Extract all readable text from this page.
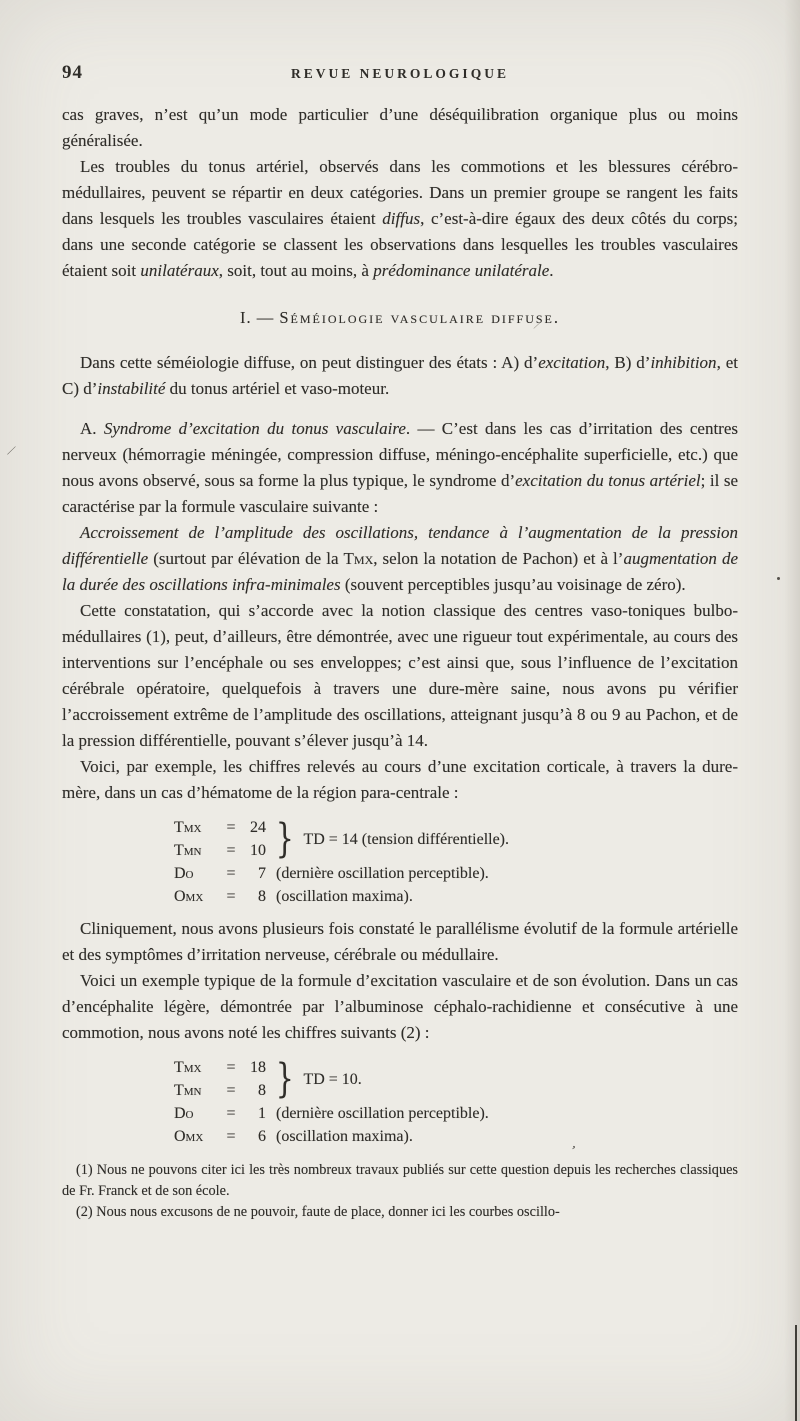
94	REVUE NEUROLOGIQUE

cas graves, n’est qu’un mode particulier d’une déséquilibration organique plus ou moins généralisée.

Les troubles du tonus artériel, observés dans les commotions et les blessures cérébro-médullaires, peuvent se répartir en deux catégories. Dans un premier groupe se rangent les faits dans lesquels les troubles vasculaires étaient diffus, c’est-à-dire égaux des deux côtés du corps; dans une seconde catégorie se classent les observations dans lesquelles les troubles vasculaires étaient soit unilatéraux, soit, tout au moins, à prédominance unilatérale.

I. — Séméiologie vasculaire diffuse.

Dans cette séméiologie diffuse, on peut distinguer des états : A) d’excitation, B) d’inhibition, et C) d’instabilité du tonus artériel et vaso-moteur.

A. Syndrome d’excitation du tonus vasculaire. — C’est dans les cas d’irritation des centres nerveux (hémorragie méningée, compression diffuse, méningo-encéphalite superficielle, etc.) que nous avons observé, sous sa forme la plus typique, le syndrome d’excitation du tonus artériel; il se caractérise par la formule vasculaire suivante :

Accroissement de l’amplitude des oscillations, tendance à l’augmentation de la pression différentielle (surtout par élévation de la Tmx, selon la notation de Pachon) et à l’augmentation de la durée des oscillations infra-minimales (souvent perceptibles jusqu’au voisinage de zéro).

Cette constatation, qui s’accorde avec la notion classique des centres vaso-toniques bulbo-médullaires (1), peut, d’ailleurs, être démontrée, avec une rigueur tout expérimentale, au cours des interventions sur l’encéphale ou ses enveloppes; c’est ainsi que, sous l’influence de l’excitation cérébrale opératoire, quelquefois à travers une dure-mère saine, nous avons pu vérifier l’accroissement extrême de l’amplitude des oscillations, atteignant jusqu’à 8 ou 9 au Pachon, et de la pression différentielle, pouvant s’élever jusqu’à 14.

Voici, par exemple, les chiffres relevés au cours d’une excitation corticale, à travers la dure-mère, dans un cas d’hématome de la région para-centrale :

Tmx	= 24
Tmn	= 10 } TD = 14 (tension différentielle).
Do	=	7 (dernière oscillation perceptible).
Omx	=	8 (oscillation maxima).

Cliniquement, nous avons plusieurs fois constaté le parallélisme évolutif de la formule artérielle et des symptômes d’irritation nerveuse, cérébrale ou médullaire.

Voici un exemple typique de la formule d’excitation vasculaire et de son évolution. Dans un cas d’encéphalite légère, démontrée par l’albuminose céphalo-rachidienne et consécutive à une commotion, nous avons noté les chiffres suivants (2) :

Tmx	= 18
Tmn	=	8 } TD = 10.
Do	=	1 (dernière oscillation perceptible).
Omx	=	6 (oscillation maxima).

(1) Nous ne pouvons citer ici les très nombreux travaux publiés sur cette question depuis les recherches classiques de Fr. Franck et de son école.

(2) Nous nous excusons de ne pouvoir, faute de place, donner ici les courbes oscillo-

⁄
⁄
’
